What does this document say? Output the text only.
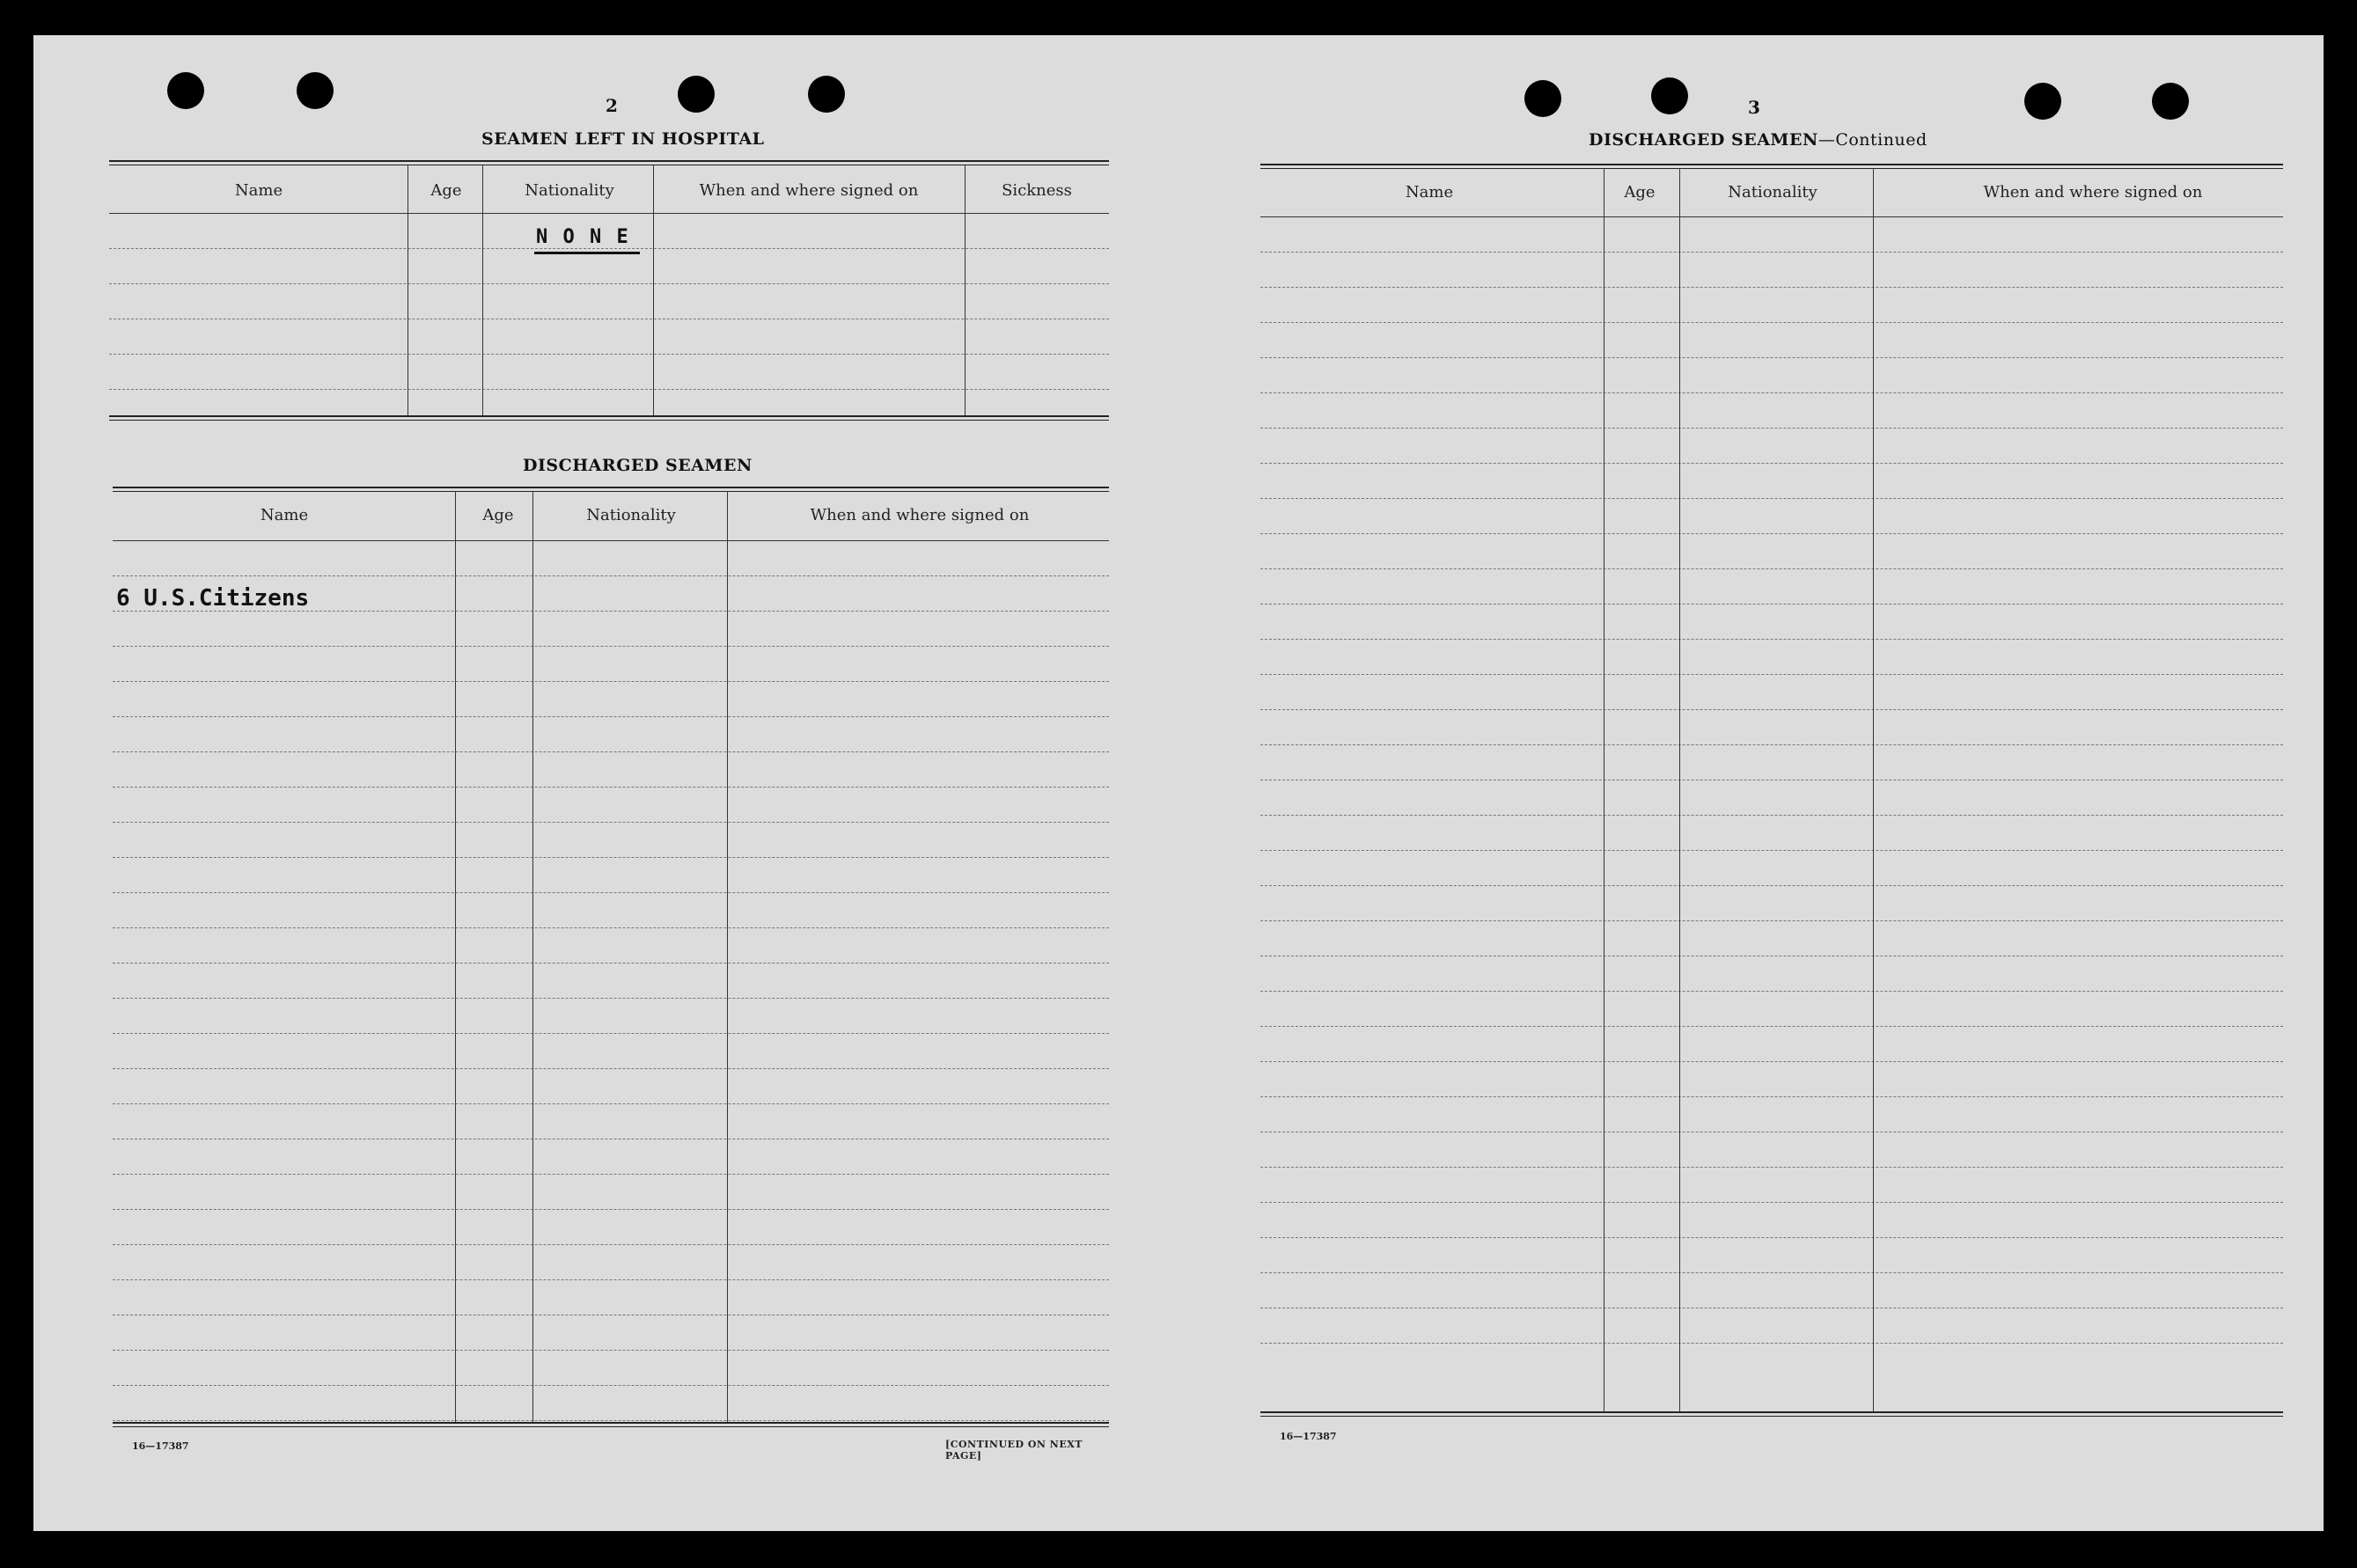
2
SEAMEN LEFT IN HOSPITAL
Name	Age	Nationality	When and where signed on	Sickness
N O N E
DISCHARGED SEAMEN
Name	Age	Nationality	When and where signed on
6 U.S.Citizens
16—17387	[CONTINUED ON NEXT PAGE]
3
DISCHARGED SEAMEN—Continued
Name	Age	Nationality	When and where signed on
16—17387
